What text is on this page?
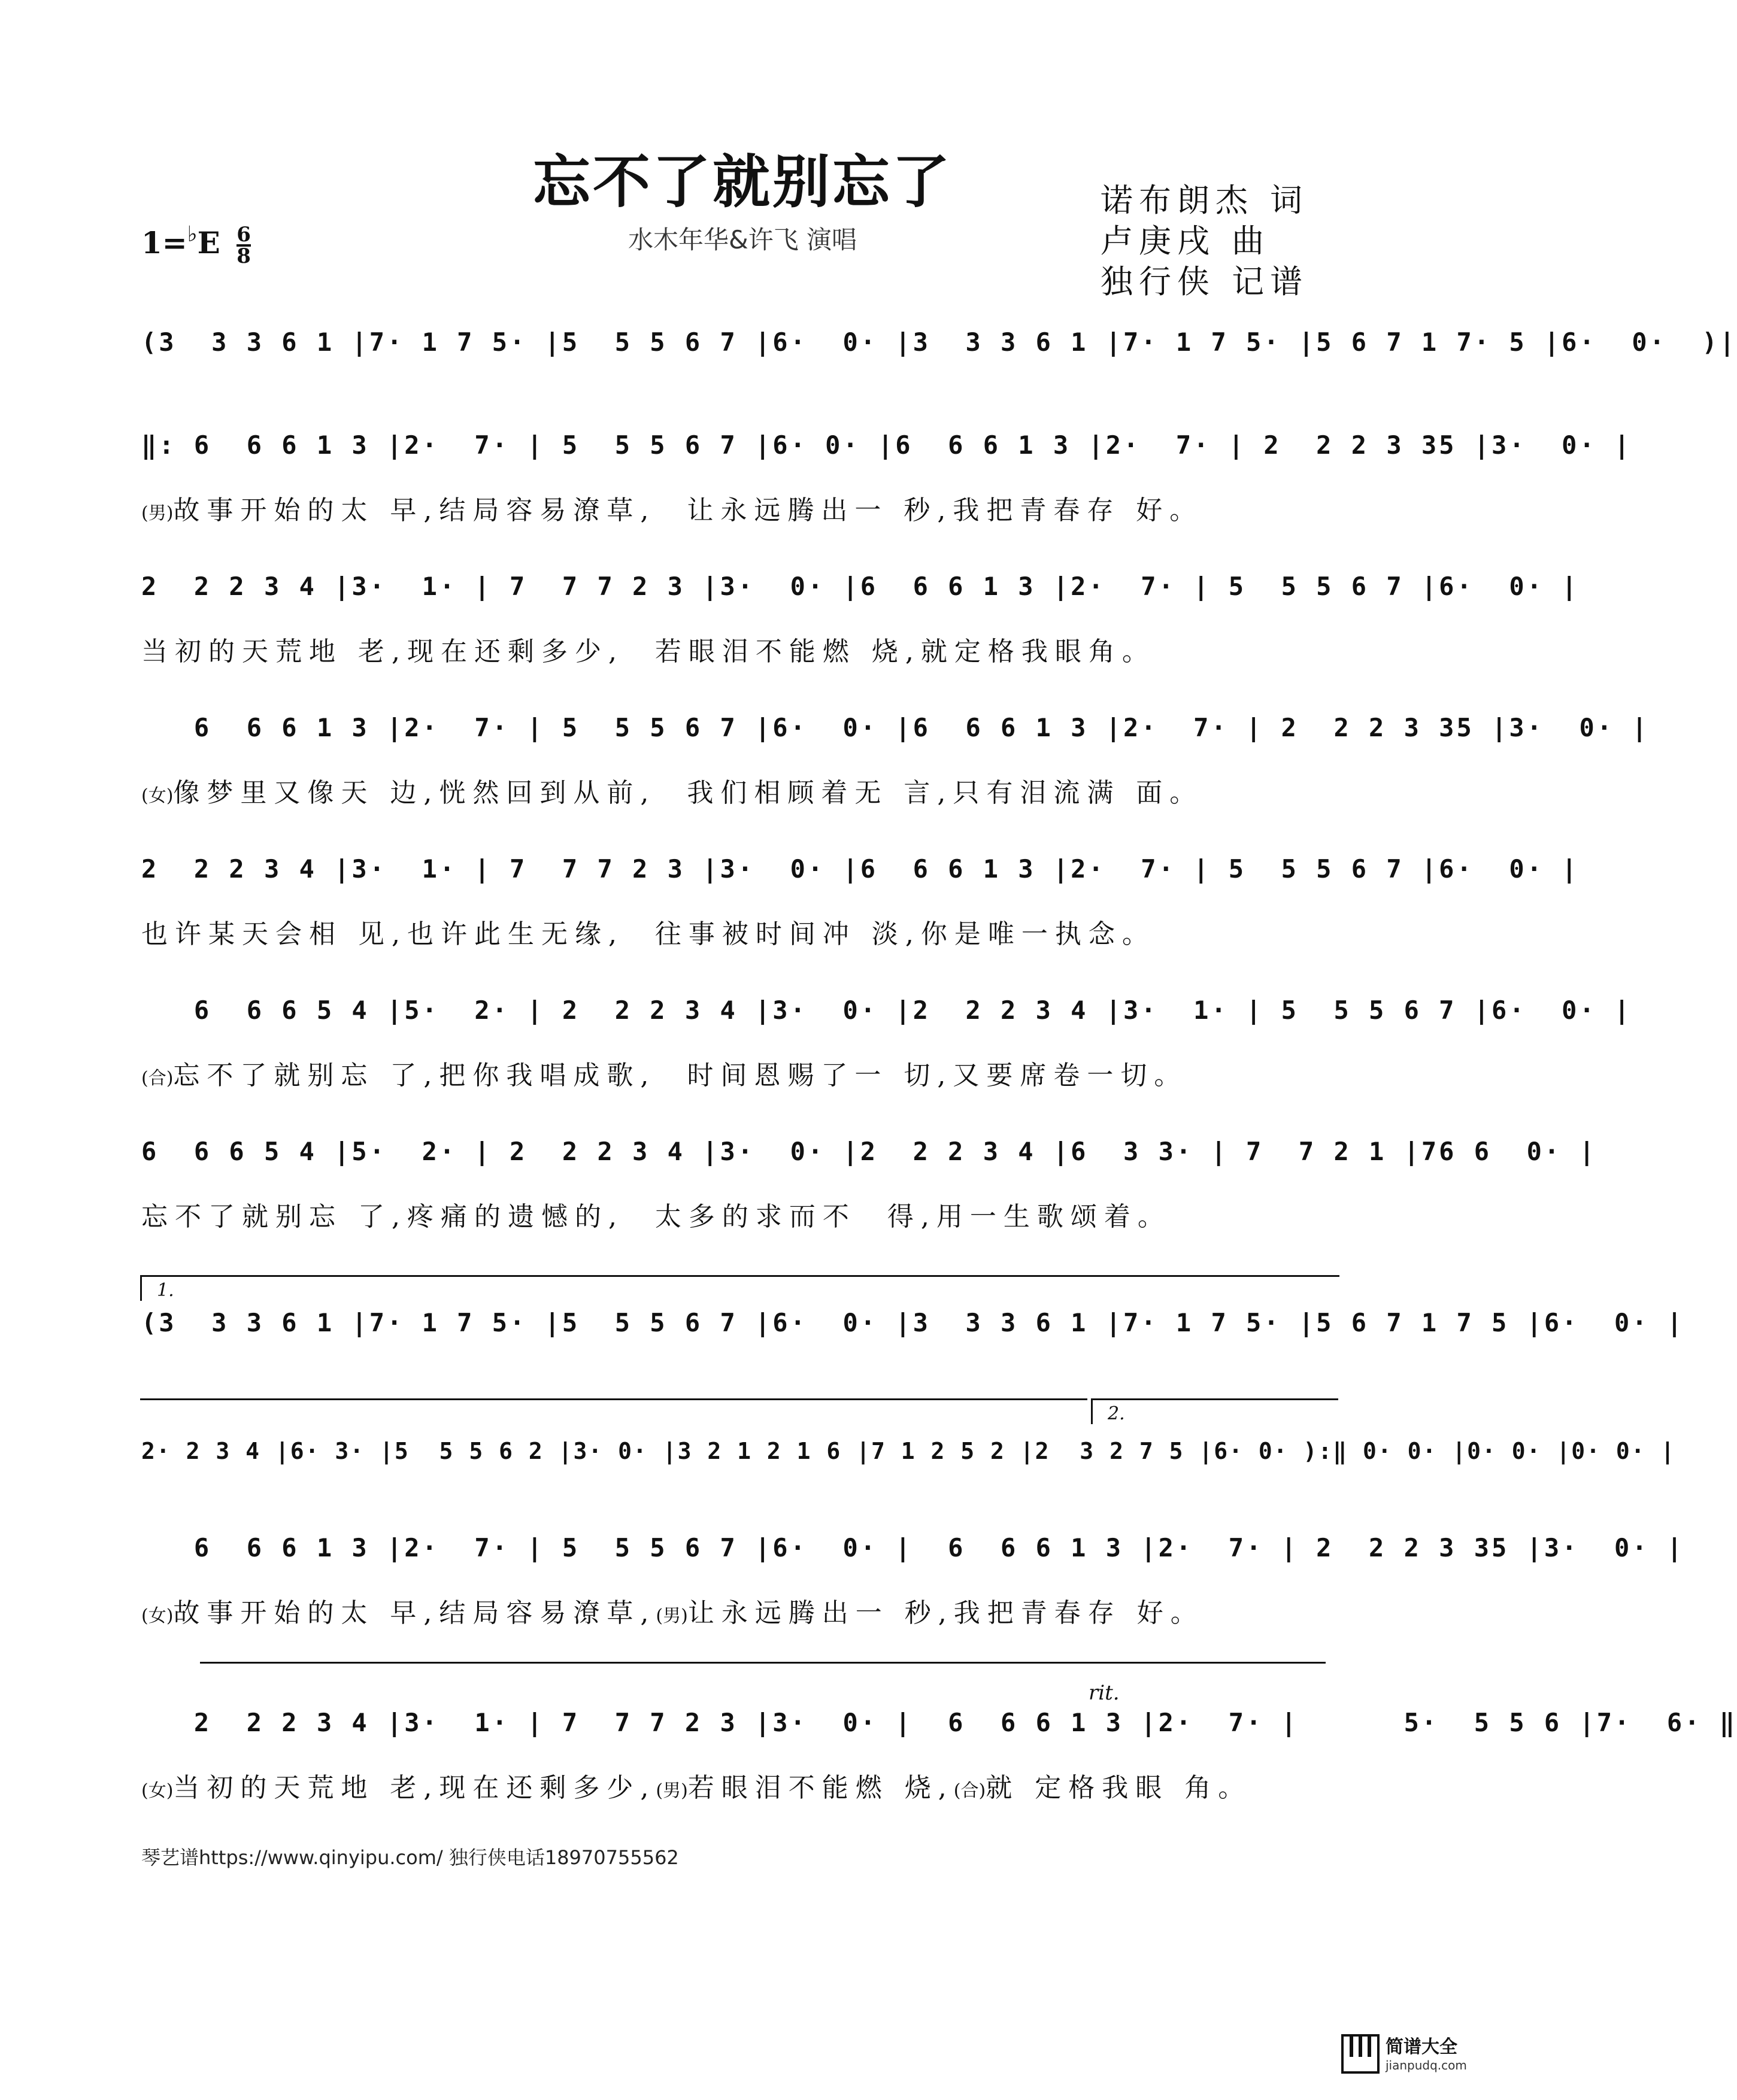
忘不了就别忘了
水木年华&许飞 演唱
诺布朗杰 词
卢庚戌 曲
独行侠 记谱
$1=^♭E \frac{6}{8}$
(3  3 3 6 1 |7· 1 7 5· |5  5 5 6 7 |6·  0· |3  3 3 6 1 |7· 1 7 5· |5 6 7 1 7· 5 |6·  0·  )|
‖: 6  6 6 1 3 |2·  7· | 5  5 5 6 7 |6· 0· |6  6 6 1 3 |2·  7· | 2  2 2 3 35 |3·  0· |
(男)故事开始的太 早,结局容易潦草,  让永远腾出一 秒,我把青春存 好。
2  2 2 3 4 |3·  1· | 7  7 7 2 3 |3·  0· |6  6 6 1 3 |2·  7· | 5  5 5 6 7 |6·  0· |
当初的天荒地 老,现在还剩多少,  若眼泪不能燃 烧,就定格我眼角。
6  6 6 1 3 |2·  7· | 5  5 5 6 7 |6·  0· |6  6 6 1 3 |2·  7· | 2  2 2 3 35 |3·  0· |
(女)像梦里又像天 边,恍然回到从前,  我们相顾着无 言,只有泪流满 面。
2  2 2 3 4 |3·  1· | 7  7 7 2 3 |3·  0· |6  6 6 1 3 |2·  7· | 5  5 5 6 7 |6·  0· |
也许某天会相 见,也许此生无缘,  往事被时间冲 淡,你是唯一执念。
6  6 6 5 4 |5·  2· | 2  2 2 3 4 |3·  0· |2  2 2 3 4 |3·  1· | 5  5 5 6 7 |6·  0· |
(合)忘不了就别忘 了,把你我唱成歌,  时间恩赐了一 切,又要席卷一切。
6  6 6 5 4 |5·  2· | 2  2 2 3 4 |3·  0· |2  2 2 3 4 |6  3 3· | 7  7 2 1 |76 6  0· |
忘不了就别忘 了,疼痛的遗憾的,  太多的求而不  得,用一生歌颂着。
1.
(3  3 3 6 1 |7· 1 7 5· |5  5 5 6 7 |6·  0· |3  3 3 6 1 |7· 1 7 5· |5 6 7 1 7 5 |6·  0· |
2.
2· 2 3 4 |6· 3· |5  5 5 6 2 |3· 0· |3 2 1 2 1 6 |7 1 2 5 2 |2  3 2 7 5 |6· 0· ):‖ 0· 0· |0· 0· |0· 0· |
6  6 6 1 3 |2·  7· | 5  5 5 6 7 |6·  0· |  6  6 6 1 3 |2·  7· | 2  2 2 3 35 |3·  0· |
(女)故事开始的太 早,结局容易潦草,(男)让永远腾出一 秒,我把青春存 好。
rit.
2  2 2 3 4 |3·  1· | 7  7 7 2 3 |3·  0· |  6  6 6 1 3 |2·  7· |      5·  5 5 6 |7·  6· ‖
(女)当初的天荒地 老,现在还剩多少,(男)若眼泪不能燃 烧,(合)就 定格我眼 角。
琴艺谱https://www.qinyipu.com/ 独行侠电话18970755562
简谱大全
jianpudq.com
